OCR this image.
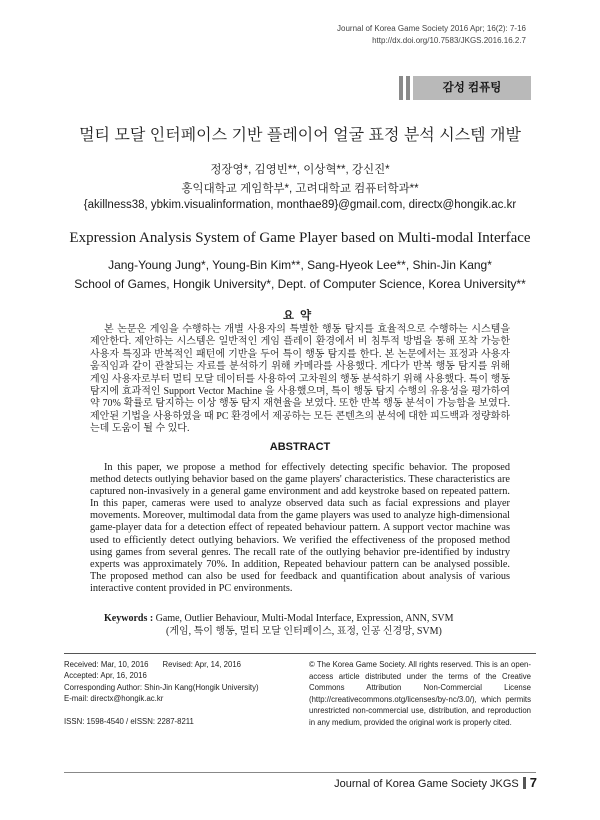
Journal of Korea Game Society 2016 Apr; 16(2): 7-16
http://dx.doi.org/10.7583/JKGS.2016.16.2.7
감성 컴퓨팅
멀티 모달 인터페이스 기반 플레이어 얼굴 표정 분석 시스템 개발
정장영*, 김영빈**, 이상혁**, 강신진*
홍익대학교 게임학부*, 고려대학교 컴퓨터학과**
{akillness38, ybkim.visualinformation, monthae89}@gmail.com, directx@hongik.ac.kr
Expression Analysis System of Game Player based on Multi-modal Interface
Jang-Young Jung*, Young-Bin Kim**, Sang-Hyeok Lee**, Shin-Jin Kang*
School of Games, Hongik University*, Dept. of Computer Science, Korea University**
요약
본 논문은 게임을 수행하는 개별 사용자의 특별한 행동 탐지를 효율적으로 수행하는 시스템을 제안한다. 제안하는 시스템은 일반적인 게임 플레이 환경에서 비 침투적 방법을 통해 포착 가능한 사용자 특징과 반복적인 패턴에 기반을 두어 특이 행동 탐지를 한다. 본 논문에서는 표정과 사용자 움직임과 같이 관찰되는 자료를 분석하기 위해 카메라를 사용했다. 게다가 반복 행동 탐지를 위해 게임 사용자로부터 멀티 모달 데이터를 사용하여 고차원의 행동 분석하기 위해 사용했다. 특이 행동 탐지에 효과적인 Support Vector Machine 을 사용했으며, 특이 행동 탐지 수행의 유용성을 평가하여 약 70% 확률로 탐지하는 이상 행동 탐지 재현율을 보였다. 또한 반복 행동 분석이 가능함을 보였다. 제안된 기법을 사용하였을 때 PC 환경에서 제공하는 모든 콘텐츠의 분석에 대한 피드백과 정량화하는데 도움이 될 수 있다.
ABSTRACT
In this paper, we propose a method for effectively detecting specific behavior. The proposed method detects outlying behavior based on the game players' characteristics. These characteristics are captured non-invasively in a general game environment and add keystroke based on repeated pattern. In this paper, cameras were used to analyze observed data such as facial expressions and player movements. Moreover, multimodal data from the game players was used to analyze high-dimensional game-player data for a detection effect of repeated behaviour pattern. A support vector machine was used to efficiently detect outlying behaviors. We verified the effectiveness of the proposed method using games from several genres. The recall rate of the outlying behavior pre-identified by industry experts was approximately 70%. In addition, Repeated behaviour pattern can be analysed possible. The proposed method can also be used for feedback and quantification about analysis of various interactive content provided in PC environments.
Keywords : Game, Outlier Behaviour, Multi-Modal Interface, Expression, ANN, SVM
(게임, 특이 행동, 멀티 모달 인터페이스, 표정, 인공 신경망, SVM)
Received: Mar, 10, 2016 Revised: Apr, 14, 2016
Accepted: Apr, 16, 2016
Corresponding Author: Shin-Jin Kang(Hongik University)
E-mail: directx@hongik.ac.kr
ISSN: 1598-4540 / eISSN: 2287-8211
© The Korea Game Society. All rights reserved. This is an open-access article distributed under the terms of the Creative Commons Attribution Non-Commercial License (http://creativecommons.otg/licenses/by-nc/3.0/), which permits unrestricted non-commercial use, distribution, and reproduction in any medium, provided the original work is properly cited.
Journal of Korea Game Society JKGS 7
